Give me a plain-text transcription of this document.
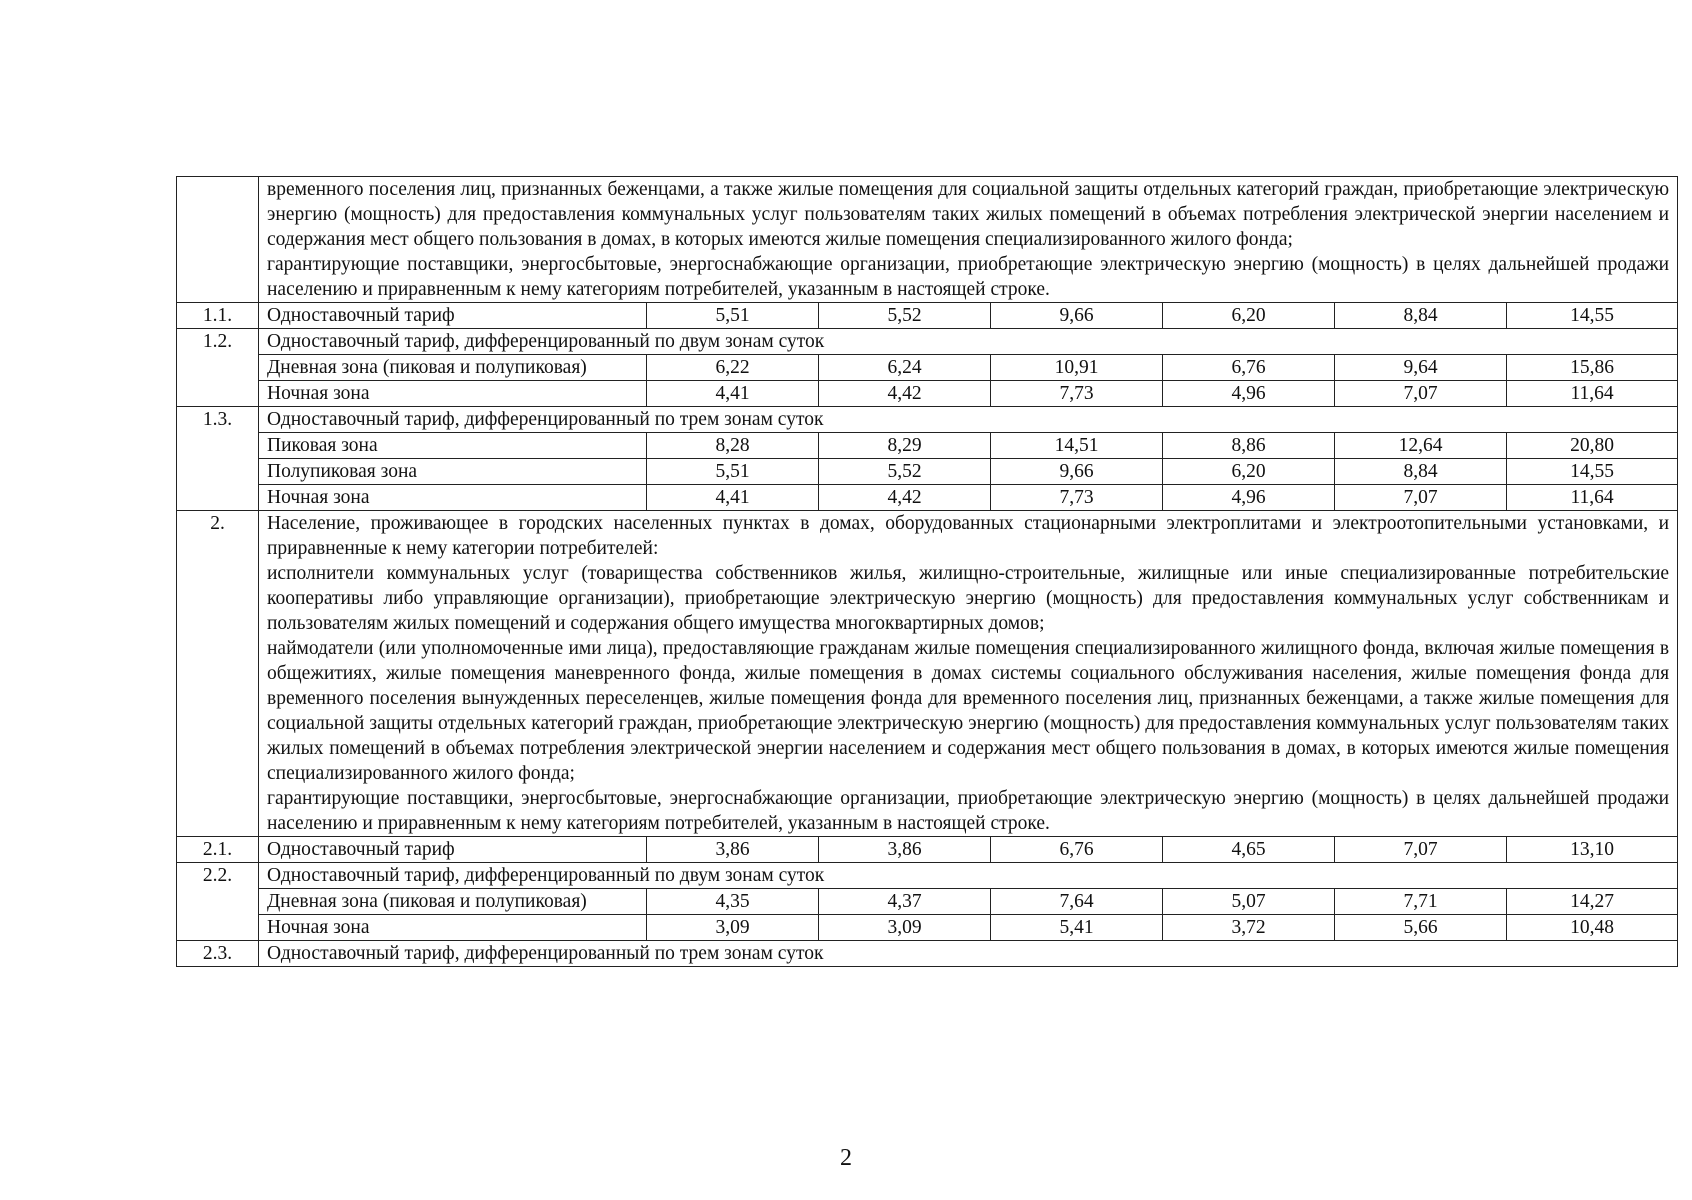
	временного поселения лиц, признанных беженцами, а также жилые помещения для социальной защиты отдельных категорий граждан, приобретающие электрическую энергию (мощность) для предоставления коммунальных услуг пользователям таких жилых помещений в объемах потребления электрической энергии населением и содержания мест общего пользования в домах, в которых имеются жилые помещения специализированного жилого фонда;
гарантирующие поставщики, энергосбытовые, энергоснабжающие организации, приобретающие электрическую энергию (мощность) в целях дальнейшей продажи населению и приравненным к нему категориям потребителей, указанным в настоящей строке.						

1.1.	Одноставочный тариф	5,51	5,52	9,66	6,20	8,84	14,55
1.2.	Одноставочный тариф, дифференцированный по двум зонам суток						
	Дневная зона (пиковая и полупиковая)	6,22	6,24	10,91	6,76	9,64	15,86
	Ночная зона	4,41	4,42	7,73	4,96	7,07	11,64
1.3.	Одноставочный тариф, дифференцированный по трем зонам суток						
	Пиковая зона	8,28	8,29	14,51	8,86	12,64	20,80
	Полупиковая зона	5,51	5,52	9,66	6,20	8,84	14,55
	Ночная зона	4,41	4,42	7,73	4,96	7,07	11,64
2.	Население, проживающее в городских населенных пунктах в домах, оборудованных стационарными электроплитами и электроотопительными установками, и приравненные к нему категории потребителей:
исполнители коммунальных услуг (товарищества собственников жилья, жилищно-строительные, жилищные или иные специализированные потребительские кооперативы либо управляющие организации), приобретающие электрическую энергию (мощность) для предоставления коммунальных услуг собственникам и пользователям жилых помещений и содержания общего имущества многоквартирных домов;
наймодатели (или уполномоченные ими лица), предоставляющие гражданам жилые помещения специализированного жилищного фонда, включая жилые помещения в общежитиях, жилые помещения маневренного фонда, жилые помещения в домах системы социального обслуживания населения, жилые помещения фонда для временного поселения вынужденных переселенцев, жилые помещения фонда для временного поселения лиц, признанных беженцами, а также жилые помещения для социальной защиты отдельных категорий граждан, приобретающие электрическую энергию (мощность) для предоставления коммунальных услуг пользователям таких жилых помещений в объемах потребления электрической энергии населением и содержания мест общего пользования в домах, в которых имеются жилые помещения специализированного жилого фонда;
гарантирующие поставщики, энергосбытовые, энергоснабжающие организации, приобретающие электрическую энергию (мощность) в целях дальнейшей продажи населению и приравненным к нему категориям потребителей, указанным в настоящей строке.						

2.1.	Одноставочный тариф	3,86	3,86	6,76	4,65	7,07	13,10
2.2.	Одноставочный тариф, дифференцированный по двум зонам суток						
	Дневная зона (пиковая и полупиковая)	4,35	4,37	7,64	5,07	7,71	14,27
	Ночная зона	3,09	3,09	5,41	3,72	5,66	10,48
2.3.	Одноставочный тариф, дифференцированный по трем зонам суток						
2
